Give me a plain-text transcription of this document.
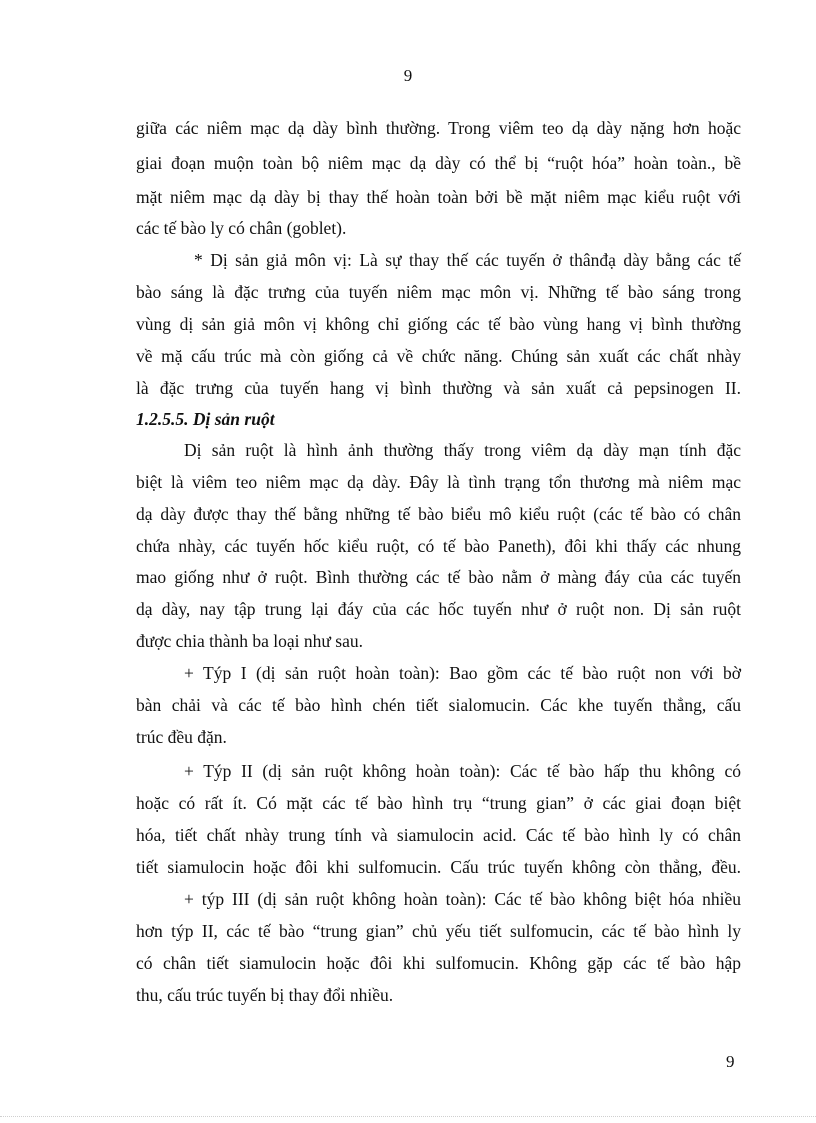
9
giữa các niêm mạc dạ dày bình thường. Trong viêm teo dạ dày nặng hơn hoặc
giai đoạn muộn toàn bộ niêm mạc dạ dày có thể bị “ruột hóa” hoàn toàn., bề
mặt niêm mạc dạ dày bị thay thế hoàn toàn bởi bề mặt niêm mạc kiểu ruột với
các tế bào ly có chân (goblet).
* Dị sản giả môn vị: Là sự thay thế các tuyến ở thânđạ dày bằng các tế
bào sáng là đặc trưng của tuyến niêm mạc môn vị. Những tế bào sáng trong
vùng dị sản giả môn vị không chỉ giống các tế bào vùng hang vị bình thường
về mặ cấu trúc mà còn giống cả về chức năng. Chúng sản xuất các chất nhày
là đặc trưng của tuyến hang vị bình thường và sản xuất cả pepsinogen II.
1.2.5.5. Dị sản ruột
Dị sản ruột là hình ảnh thường thấy trong viêm dạ dày mạn tính đặc
biệt là viêm teo niêm mạc dạ dày. Đây là tình trạng tổn thương mà niêm mạc
dạ dày được thay thế bằng những tế bào biểu mô kiểu ruột (các tế bào có chân
chứa nhày, các tuyến hốc kiểu ruột, có tế bào Paneth), đôi khi thấy các nhung
mao giống như ở ruột. Bình thường các tế bào nằm ở màng đáy của các tuyến
dạ dày, nay tập trung lại đáy của các hốc tuyến như ở ruột non. Dị sản ruột
được chia thành ba loại như sau.
+ Týp I (dị sản ruột hoàn toàn): Bao gồm các tế bào ruột non với bờ
bàn chải và các tế bào hình chén tiết sialomucin. Các khe tuyến thẳng, cấu
trúc đều đặn.
+ Týp II (dị sản ruột không hoàn toàn): Các tế bào hấp thu không có
hoặc có rất ít. Có mặt các tế bào hình trụ “trung gian” ở các giai đoạn biệt
hóa, tiết chất nhày trung tính và siamulocin acid. Các tế bào hình ly có chân
tiết siamulocin hoặc đôi khi sulfomucin. Cấu trúc tuyến không còn thẳng, đều.
+ týp III (dị sản ruột không hoàn toàn): Các tế bào không biệt hóa nhiều
hơn týp II, các tế bào “trung gian” chủ yếu tiết sulfomucin, các tế bào hình ly
có chân tiết siamulocin hoặc đôi khi sulfomucin. Không gặp các tế bào hập
thu, cấu trúc tuyến bị thay đổi nhiều.
9
